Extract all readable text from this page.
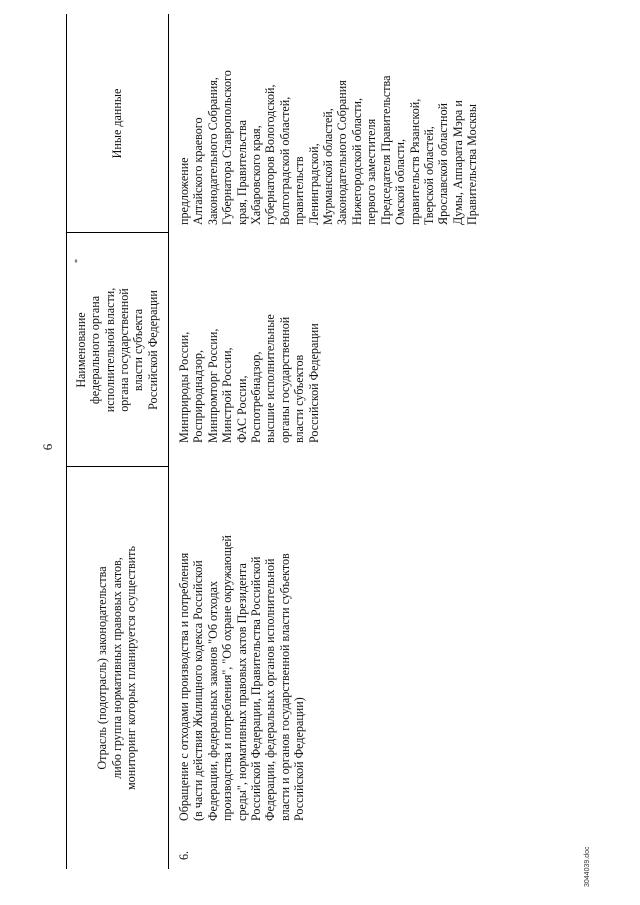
6
Отрасль (подотрасль) законодательства
либо группа нормативных правовых актов,
мониторинг которых планируется осуществить
Наименование
федерального органа
исполнительной власти,
органа государственной
власти субъекта
Российской Федерации
*
Иные данные
6.
Обращение с отходами производства и потребления
(в части действия Жилищного кодекса Российской
Федерации, федеральных законов "Об отходах
производства и потребления", "Об охране окружающей
среды", нормативных правовых актов Президента
Российской Федерации, Правительства Российской
Федерации, федеральных органов исполнительной
власти и органов государственной власти субъектов
Российской Федерации)
Минприроды России,
Росприроднадзор,
Минпромторг России,
Минстрой России,
ФАС России,
Роспотребнадзор,
высшие исполнительные
органы государственной
власти субъектов
Российской Федерации
предложение
Алтайского краевого
Законодательного Собрания,
Губернатора Ставропольского
края, Правительства
Хабаровского края,
губернаторов Вологодской,
Волгоградской областей,
правительств
Ленинградской,
Мурманской областей,
Законодательного Собрания
Нижегородской области,
первого заместителя
Председателя Правительства
Омской области,
правительств Рязанской,
Тверской областей,
Ярославской областной
Думы, Аппарата Мэра и
Правительства Москвы
3044039.doc
